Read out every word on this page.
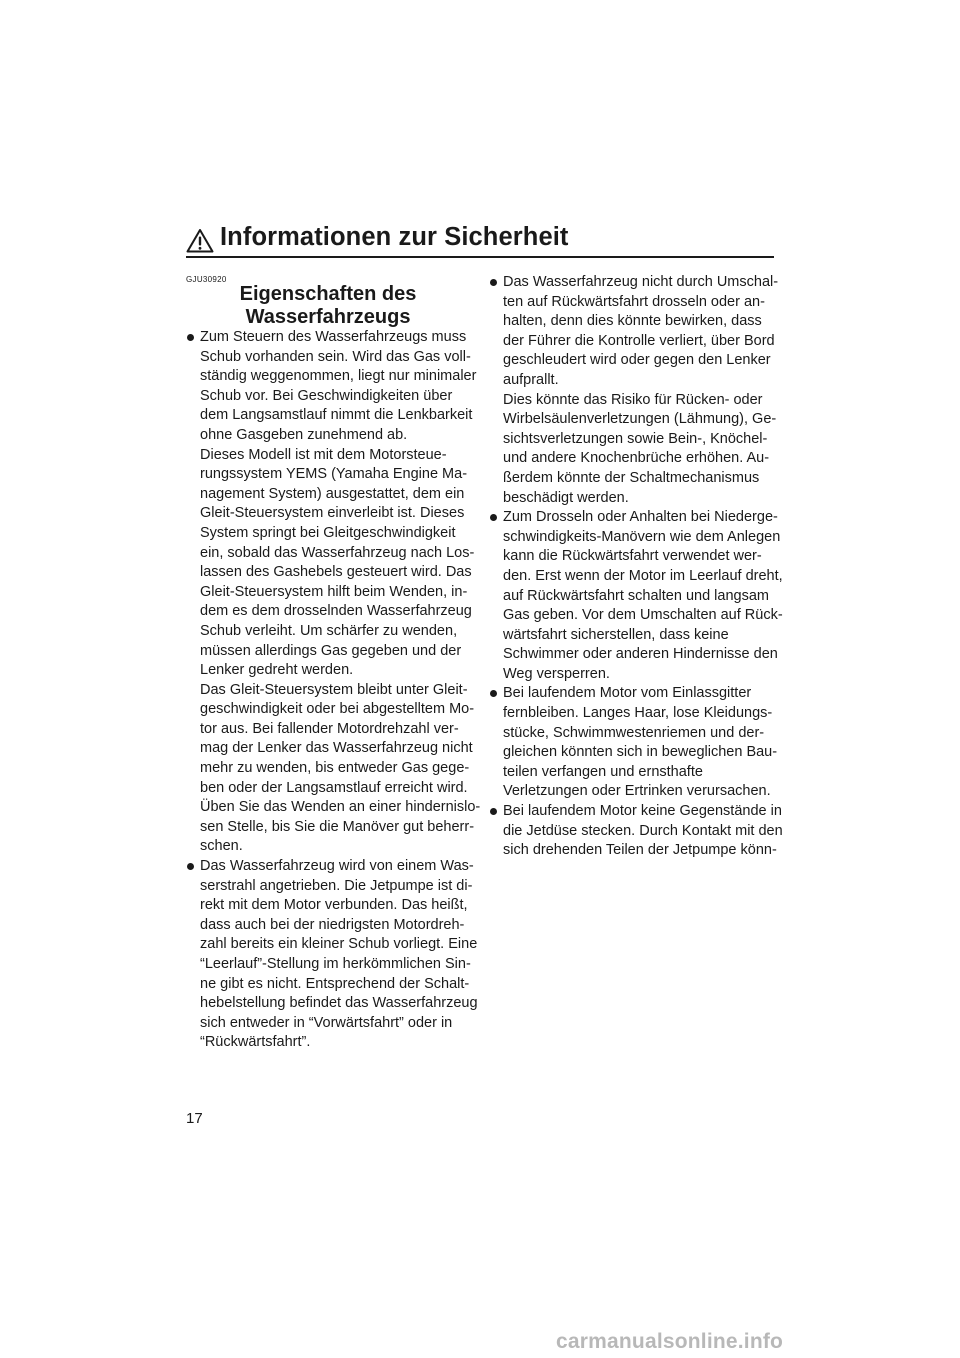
Informationen zur Sicherheit
GJU30920
Eigenschaften des
Wasserfahrzeugs
Zum Steuern des Wasserfahrzeugs muss
Schub vorhanden sein. Wird das Gas voll-
ständig weggenommen, liegt nur minimaler
Schub vor. Bei Geschwindigkeiten über
dem Langsamstlauf nimmt die Lenkbarkeit
ohne Gasgeben zunehmend ab.
Dieses Modell ist mit dem Motorsteue-
rungssystem YEMS (Yamaha Engine Ma-
nagement System) ausgestattet, dem ein
Gleit-Steuersystem einverleibt ist. Dieses
System springt bei Gleitgeschwindigkeit
ein, sobald das Wasserfahrzeug nach Los-
lassen des Gashebels gesteuert wird. Das
Gleit-Steuersystem hilft beim Wenden, in-
dem es dem drosselnden Wasserfahrzeug
Schub verleiht. Um schärfer zu wenden,
müssen allerdings Gas gegeben und der
Lenker gedreht werden.
Das Gleit-Steuersystem bleibt unter Gleit-
geschwindigkeit oder bei abgestelltem Mo-
tor aus. Bei fallender Motordrehzahl ver-
mag der Lenker das Wasserfahrzeug nicht
mehr zu wenden, bis entweder Gas gege-
ben oder der Langsamstlauf erreicht wird.
Üben Sie das Wenden an einer hindernislo-
sen Stelle, bis Sie die Manöver gut beherr-
schen.
Das Wasserfahrzeug wird von einem Was-
serstrahl angetrieben. Die Jetpumpe ist di-
rekt mit dem Motor verbunden. Das heißt,
dass auch bei der niedrigsten Motordreh-
zahl bereits ein kleiner Schub vorliegt. Eine
“Leerlauf”-Stellung im herkömmlichen Sin-
ne gibt es nicht. Entsprechend der Schalt-
hebelstellung befindet das Wasserfahrzeug
sich entweder in “Vorwärtsfahrt” oder in
“Rückwärtsfahrt”.
Das Wasserfahrzeug nicht durch Umschal-
ten auf Rückwärtsfahrt drosseln oder an-
halten, denn dies könnte bewirken, dass
der Führer die Kontrolle verliert, über Bord
geschleudert wird oder gegen den Lenker
aufprallt.
Dies könnte das Risiko für Rücken- oder
Wirbelsäulenverletzungen (Lähmung), Ge-
sichtsverletzungen sowie Bein-, Knöchel-
und andere Knochenbrüche erhöhen. Au-
ßerdem könnte der Schaltmechanismus
beschädigt werden.
Zum Drosseln oder Anhalten bei Niederge-
schwindigkeits-Manövern wie dem Anlegen
kann die Rückwärtsfahrt verwendet wer-
den. Erst wenn der Motor im Leerlauf dreht,
auf Rückwärtsfahrt schalten und langsam
Gas geben. Vor dem Umschalten auf Rück-
wärtsfahrt sicherstellen, dass keine
Schwimmer oder anderen Hindernisse den
Weg versperren.
Bei laufendem Motor vom Einlassgitter
fernbleiben. Langes Haar, lose Kleidungs-
stücke, Schwimmwestenriemen und der-
gleichen könnten sich in beweglichen Bau-
teilen verfangen und ernsthafte
Verletzungen oder Ertrinken verursachen.
Bei laufendem Motor keine Gegenstände in
die Jetdüse stecken. Durch Kontakt mit den
sich drehenden Teilen der Jetpumpe könn-
17
carmanualsonline.info
